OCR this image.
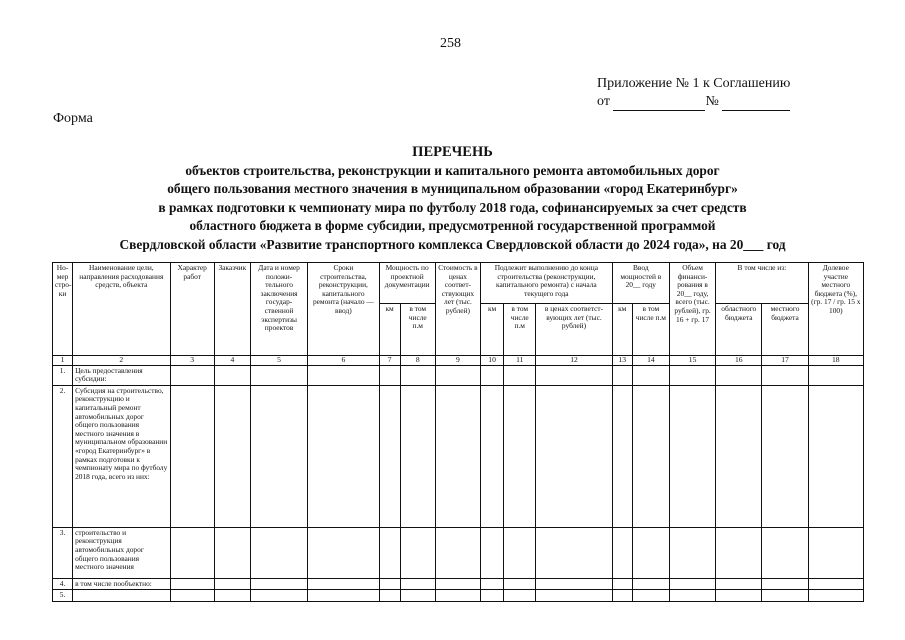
258
Приложение № 1 к Соглашению
от	№
Форма
ПЕРЕЧЕНЬ
объектов строительства, реконструкции и капитального ремонта автомобильных дорог
общего пользования местного значения в муниципальном образовании «город Екатеринбург»
в рамках подготовки к чемпионату мира по футболу 2018 года, софинансируемых за счет средств
областного бюджета в форме субсидии, предусмотренной государственной программой
Свердловской области «Развитие транспортного комплекса Свердловской области до 2024 года», на 20___ год
Но-мер стро-ки	Наименование цели, направления расходования средств, объекта	Характер работ	Заказчик	Дата и номер положи-тельного заключения государ-ственной экспертизы проектов	Сроки строительства, реконструкции, капитального ремонта (начало — ввод)	Мощность по проектной документации		Стоимость в ценах соответ-ствующих лет (тыс. рублей)	Подлежит выполнению до конца строительства (реконструкции, капитального ремонта) с начала текущего года			Ввод мощностей в 20__ году		Объем финанси-рования в 20__ году, всего (тыс. рублей), гр. 16 + гр. 17	В том числе из:		Долевое участие местного бюджета (%), (гр. 17 / гр. 15 x 100)
						км	в том числе п.м		км	в том числе п.м	в ценах соответст-вующих лет (тыс. рублей)	км	в том числе п.м		областного бюджета	местного бюджета	
1	2	3	4	5	6	7	8	9	10	11	12	13	14	15	16	17	18
1.	Цель предоставления субсидии:																
2.	Субсидия на строительство, реконструкцию и капитальный ремонт автомобильных дорог общего пользования местного значения в муниципальном образовании «город Екатеринбург» в рамках подготовки к чемпионату мира по футболу 2018 года, всего из них:																
3.	строительство и реконструкция автомобильных дорог общего пользования местного значения																
4.	в том числе пообъектно:																
5.																	
